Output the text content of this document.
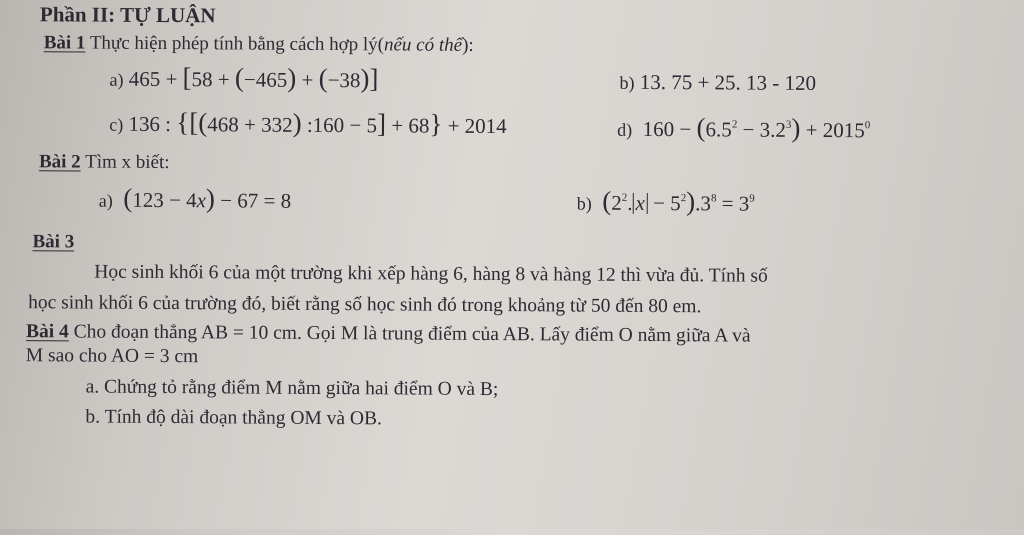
Phần II: TỰ LUẬN
Bài 1 Thực hiện phép tính bằng cách hợp lý(nếu có thể):
a) 465 + [58 + (−465) + (−38)]	b) 13. 75 + 25. 13 - 120
c) 136 : {[(468 + 332) :160 − 5] + 68} + 2014	d) $160 - (6.5^2 - 3.2^3) + 2015^0$
Bài 2 Tìm x biết:
a) (123 − 4x) − 67 = 8	b) ($2^2$. $x - 5^2).3^8 = 3^9$
Bài 3
Học sinh khối 6 của một trường khi xếp hàng 6, hàng 8 và hàng 12 thì vừa đủ. Tính số
học sinh khối 6 của trường đó, biết rằng số học sinh đó trong khoảng từ 50 đến 80 em.
Bài 4 Cho đoạn thẳng AB = 10 cm. Gọi M là trung điểm của AB. Lấy điểm O nằm giữa A và
M sao cho AO = 3 cm
a. Chứng tỏ rằng điểm M nằm giữa hai điểm O và B;
b. Tính độ dài đoạn thẳng OM và OB.
